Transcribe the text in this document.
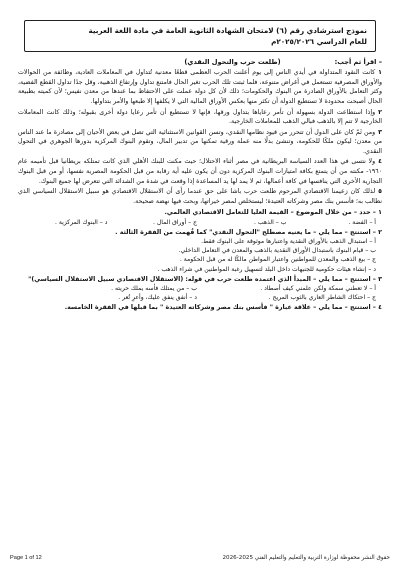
نموذج استرشادي رقم (٦) لامتحان الشهادة الثانوية العامة في مادة اللغة العربية
للعام الدراسي ٢٠٢٥/٢٠٢٦م
– اقرأ ثم أجب:
(طلعت حرب والتحول النقدي)

١كانت النقود المتداولة في أيدي الناس إلى يوم أعلنت الحرب العظمى قطعًا معدنية تُتداول في المعاملات العادية، وطائفة من الحوالات والأوراق المصرفية تستعمل في أغراض متنوعة، فلما ثبتت تلك الحرب تغير الحال فامتنع تداول وإرتفاع الذهبية، وقل جدًا تداول القطع الفضية، وكثر التعامل بالأوراق الصادرة من البنوك والحكومات؛ ذلك لأن كل دولة عملت على الاحتفاظ بما عندها من معدن نفيس؛ لأن كميته بطبيعة الحال أصبحت محدودة لا تستطيع الدولة أن تكثر منها بعكس الأوراق المالية التي لا يكلفها إلا طبعها والأمر بتداولها.

٢وإذا استطاعت الدولة بسهولة أن تأمر رعاياها بتداول ورقها، فإنها لا تستطيع أن تأمر رعايا دولة أخرى بقبوله؛ وذلك كانت المعاملات الخارجية لا تتم إلا بالذهب فبالي الذهب للمعاملات الخارجية.

٣ومن ثَمّ كان على الدول أن تتحرر من قيود نظامها النقدي، وتسن القوانين الاستثنائية التي تصل في بعض الأحيان إلى مصادرة ما عند الناس من معدن؛ ليكون ملكًا للحكومة، وتنشئ بدلًا منه عملة ورقية تمكنها من تدبير المال، وتقوم البنوك المركزية بدورها الجوهري في التحول النقدي.

٤ولا نتسى في هذا العدد السياسة البريطانية في مصر أثناء الاحتلال؛ حيث مكنت للبنك الأهلي الذي كانت تمتلكه بريطانيا قبل تأميمه عام ١٩٦٠- مكنته من أن يتمتع بكافة امتيازات البنوك المركزية دون أن يكون عليه أية رقابة من قبل الحكومة المصرية نفسها، أو من قبل البنوك التجارية الأخرى التي ينافسها في كافة أعمالها، ثم لا يمد لها يد المساعدة إذا وقعت في شدة من الشدائد التي تتعرض لها جميع البنوك.

٥لذلك كان زعيمنا الاقتصادي المرحوم طلعت حرب باشا على حق عندما رأى أن الاستقلال الاقتصادي هو سبيل الاستقلال السياسي الذي نطالب به؛ فأسس بنك مصر وشركاته العتيدة؛ ليستخلص لمصر خيراتها، وبحث فيها نهضة صحيحة.

١ – حدد – من خلال الموضوع – القيمة العليا للتعامل الاقتصادي العالمي.
أ – الفضة .
ب – الذهب .
ج – أوراق المال .
د – البنوك المركزية .
٢ – استنتج – مما يلي – ما يعنيه مصطلح "التحول النقدي" كما فُهمت من الفقرة الثالثة .
أ – استبدال الذهب بالأوراق النقدية واعتبارها موثوقة على البنوك فقط.
ب – قيام البنوك باستبدال الأوراق النقدية بالذهب والمعدن في التعامل الداخلي.
ج – بيع الذهب والمعدن للمواطنين واعتبار المواطن مالكًا له من قبل الحكومة .
د – إنشاء هيئات حكومية للجنيهات داخل البلد لتسهيل رغبة المواطنين في شراء الذهب .
٣ – استنتج – مما يلي – المبدأ الذي اعتمده طلعت حرب في قوله: (الاستقلال الاقتصادي سبيل الاستقلال السياسي)"
أ – لا تعطني سمكة ولكن علمني كيف أصطاد .
ب – من يمتلك فأسه يملك حريته .
ج – احتكاك الشاطر العاري بالثوب المريح .
د – أنفق ينفق عليك، وأعرِ تُعر .
٤ – استنتج – مما يلي – علاقة عبارة " فأسس بنك مصر وشركاته العتيدة " بما قبلها في الفقرة الخامسة.
Page 1 of 12	حقوق النشر محفوظة لوزارة التربية والتعليم والتعليم الفني 2025-2026
